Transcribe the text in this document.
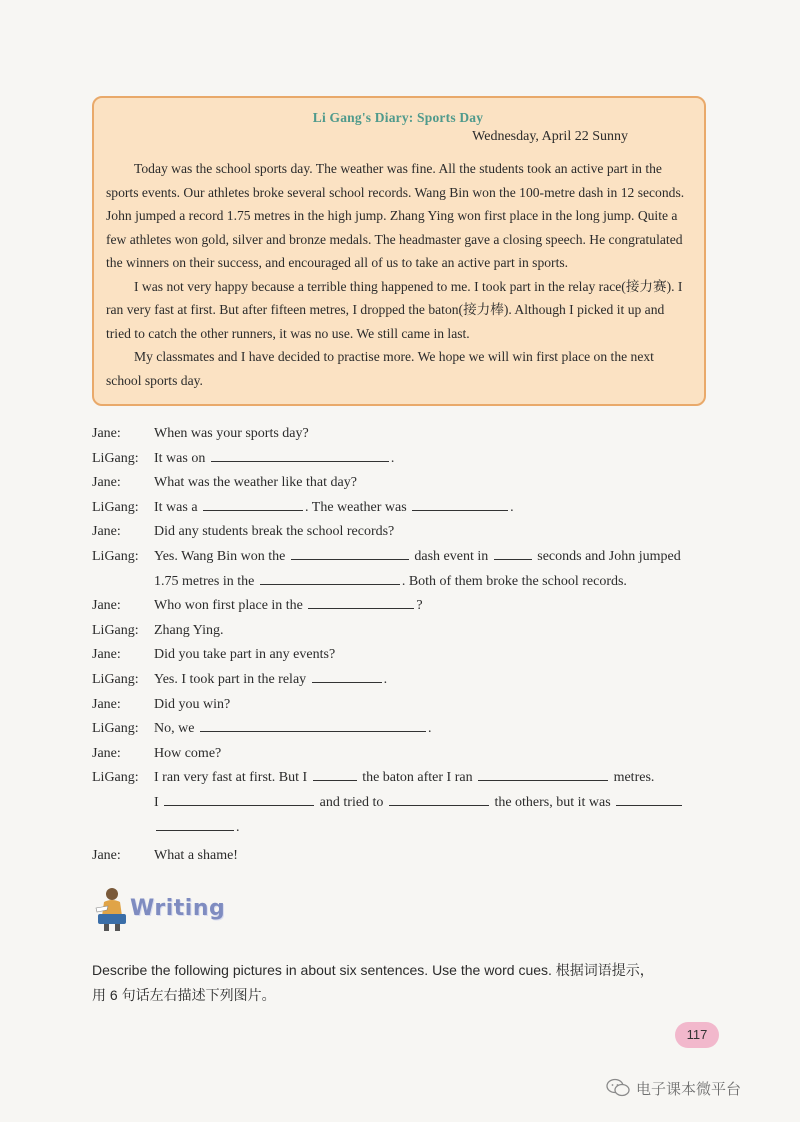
Li Gang's Diary: Sports Day
Wednesday, April 22 Sunny

Today was the school sports day. The weather was fine. All the students took an active part in the sports events. Our athletes broke several school records. Wang Bin won the 100-metre dash in 12 seconds. John jumped a record 1.75 metres in the high jump. Zhang Ying won first place in the long jump. Quite a few athletes won gold, silver and bronze medals. The headmaster gave a closing speech. He congratulated the winners on their success, and encouraged all of us to take an active part in sports.

I was not very happy because a terrible thing happened to me. I took part in the relay race(接力赛). I ran very fast at first. But after fifteen metres, I dropped the baton(接力棒). Although I picked it up and tried to catch the other runners, it was no use. We still came in last.

My classmates and I have decided to practise more. We hope we will win first place on the next school sports day.

Jane:	When was your sports day?
LiGang:	It was on	.
Jane:	What was the weather like that day?
LiGang:	It was a	. The weather was	.
Jane:	Did any students break the school records?
LiGang:	Yes. Wang Bin won the	dash event in	seconds and John jumped
1.75 metres in the	. Both of them broke the school records.
Jane:	Who won first place in the	?
LiGang:	Zhang Ying.
Jane:	Did you take part in any events?
LiGang:	Yes. I took part in the relay	.
Jane:	Did you win?
LiGang:	No, we	.
Jane:	How come?
LiGang:	I ran very fast at first. But I	the baton after I ran	metres.
I	and tried to	the others, but it was
.
Jane:	What a shame!
Writing
Describe the following pictures in about six sentences. Use the word cues. 根据词语提示，
用 6 句话左右描述下列图片。
117
电子课本微平台
